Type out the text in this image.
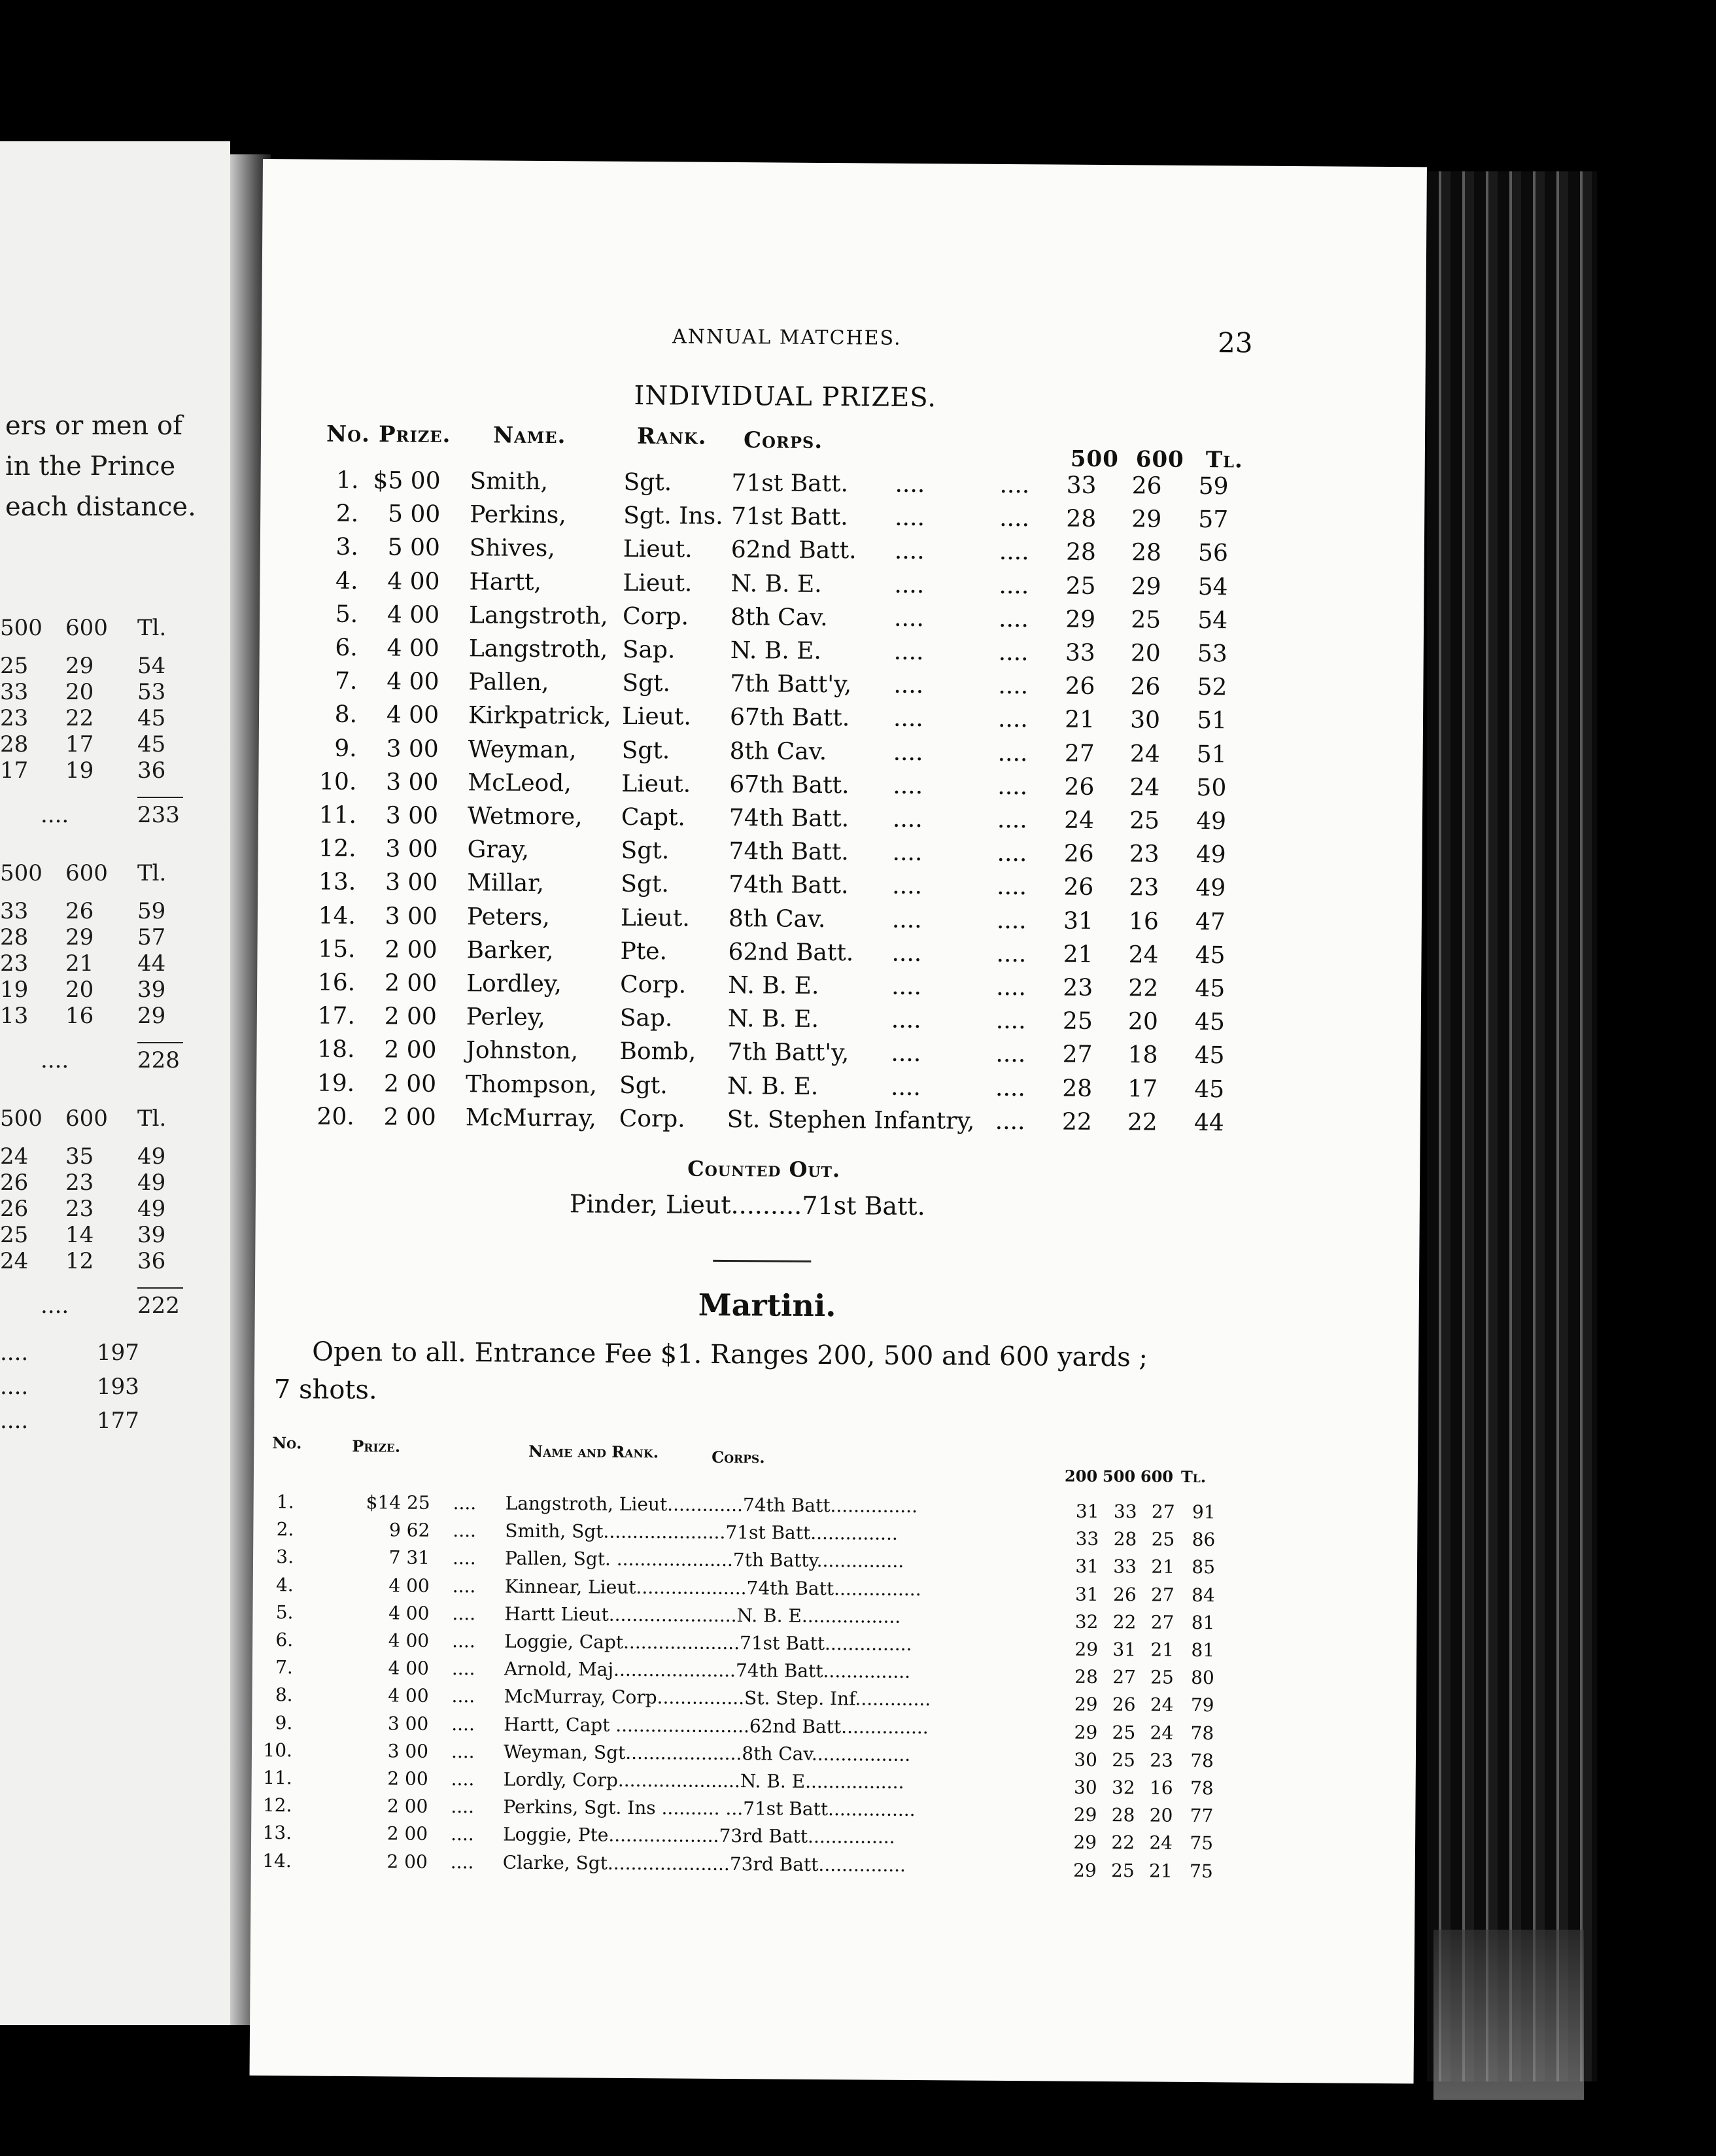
ers or men of
in the Prince
each distance.
500 600 Tl.
25 29 54
33 20 53
23 22 45
28 17 45
17 19 36
....	233
500 600 Tl.
33 26 59
28 29 57
23 21 44
19 20 39
13 16 29
....	228
500 600 Tl.
24 35 49
26 23 49
26 23 49
25 14 39
24 12 36
....	222
....	197
....	193
....	177
ANNUAL MATCHES.	23
INDIVIDUAL PRIZES.
No. Prize. Name.	Rank. Corps.
500 600 Tl.
1. $5 00 Smith,	Sgt.	71st Batt.	....	....	33	26	59
2.	5 00 Perkins,	Sgt. Ins. 71st Batt.	....	....	28	29	57
3.	5 00 Shives,	Lieut.	62nd Batt.	....	....	28	28	56
4.	4 00 Hartt,	Lieut.	N. B. E.	....	....	25	29	54
5.	4 00 Langstroth, Corp.	8th Cav.	....	....	29	25	54
6.	4 00 Langstroth, Sap.	N. B. E.	....	....	33	20	53
7.	4 00 Pallen,	Sgt.	7th Batt'y,	....	....	26	26	52
8.	4 00 Kirkpatrick, Lieut.	67th Batt.	....	....	21	30	51
9.	3 00 Weyman,	Sgt.	8th Cav.	....	....	27	24	51
10.	3 00 McLeod,	Lieut.	67th Batt.	....	....	26	24	50
11.	3 00 Wetmore,	Capt.	74th Batt.	....	....	24	25	49
12.	3 00 Gray,	Sgt.	74th Batt.	....	....	26	23	49
13.	3 00 Millar,	Sgt.	74th Batt.	....	....	26	23	49
14.	3 00 Peters,	Lieut.	8th Cav.	....	....	31	16	47
15.	2 00 Barker,	Pte.	62nd Batt.	....	....	21	24	45
16.	2 00 Lordley,	Corp.	N. B. E.	....	....	23	22	45
17.	2 00 Perley,	Sap.	N. B. E.	....	....	25	20	45
18.	2 00 Johnston,	Bomb,	7th Batt'y,	....	....	27	18	45
19.	2 00 Thompson, Sgt.	N. B. E.	....	....	28	17	45
20.	2 00 McMurray, Corp.	St. Stephen Infantry, ....	22	22	44
Counted Out.
Pinder, Lieut.........71st Batt.
Martini.
Open to all. Entrance Fee $1. Ranges 200, 500 and 600 yards ;
7 shots.
No.	Prize.	Name and Rank.	Corps.
200 500 600 Tl.
1.	$14 25 .... Langstroth, Lieut.............74th Batt...............	31 33 27 91
2.	9 62 .... Smith, Sgt.....................71st Batt...............	33 28 25 86
3.	7 31 .... Pallen, Sgt. ....................7th Batty...............	31 33 21 85
4.	4 00 .... Kinnear, Lieut...................74th Batt...............	31 26 27 84
5.	4 00 .... Hartt Lieut......................N. B. E.................	32 22 27 81
6.	4 00 .... Loggie, Capt....................71st Batt...............	29 31 21 81
7.	4 00 .... Arnold, Maj.....................74th Batt...............	28 27 25 80
8.	4 00 .... McMurray, Corp...............St. Step. Inf.............	29 26 24 79
9.	3 00 .... Hartt, Capt .......................62nd Batt...............	29 25 24 78
10.	3 00 .... Weyman, Sgt....................8th Cav.................	30 25 23 78
11.	2 00 .... Lordly, Corp.....................N. B. E.................	30 32 16 78
12.	2 00 .... Perkins, Sgt. Ins .......... ...71st Batt...............	29 28 20 77
13.	2 00 .... Loggie, Pte...................73rd Batt...............	29 22 24 75
14.	2 00 .... Clarke, Sgt.....................73rd Batt...............	29 25 21 75
